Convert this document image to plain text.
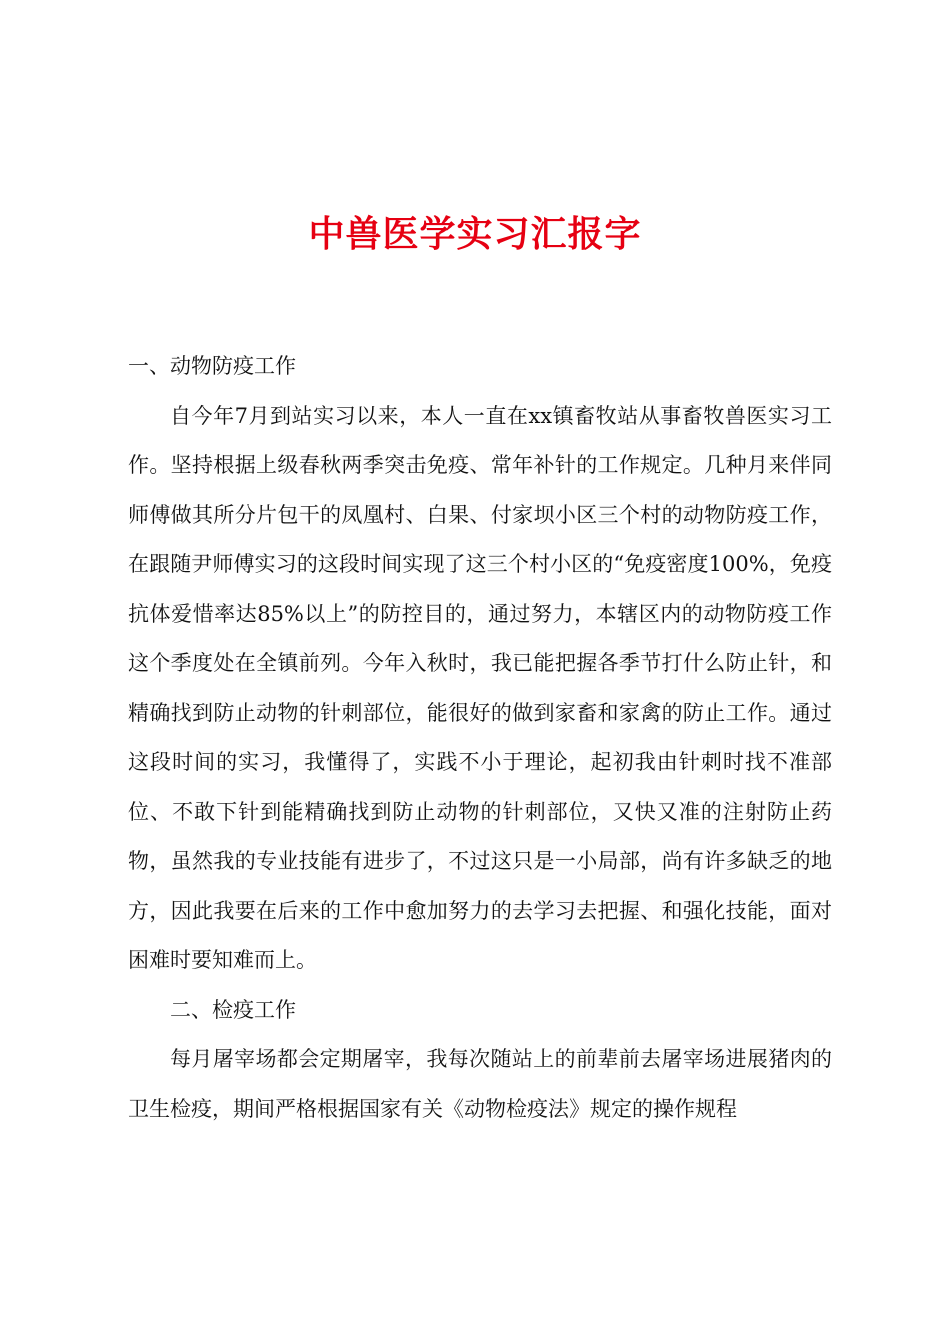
中兽医学实习汇报字

一、动物防疫工作

自今年7月到站实习以来，本人一直在xx镇畜牧站从事畜牧兽医实习工作。坚持根据上级春秋两季突击免疫、常年补针的工作规定。几种月来伴同师傅做其所分片包干的凤凰村、白果、付家坝小区三个村的动物防疫工作，在跟随尹师傅实习的这段时间实现了这三个村小区的“免疫密度100%，免疫抗体爱惜率达85%以上”的防控目的，通过努力，本辖区内的动物防疫工作这个季度处在全镇前列。今年入秋时，我已能把握各季节打什么防止针，和精确找到防止动物的针刺部位，能很好的做到家畜和家禽的防止工作。通过这段时间的实习，我懂得了，实践不小于理论，起初我由针刺时找不准部位、不敢下针到能精确找到防止动物的针刺部位，又快又准的注射防止药物，虽然我的专业技能有进步了，不过这只是一小局部，尚有许多缺乏的地方，因此我要在后来的工作中愈加努力的去学习去把握、和强化技能，面对困难时要知难而上。

二、检疫工作

每月屠宰场都会定期屠宰，我每次随站上的前辈前去屠宰场进展猪肉的卫生检疫，期间严格根据国家有关《动物检疫法》规定的操作规程
